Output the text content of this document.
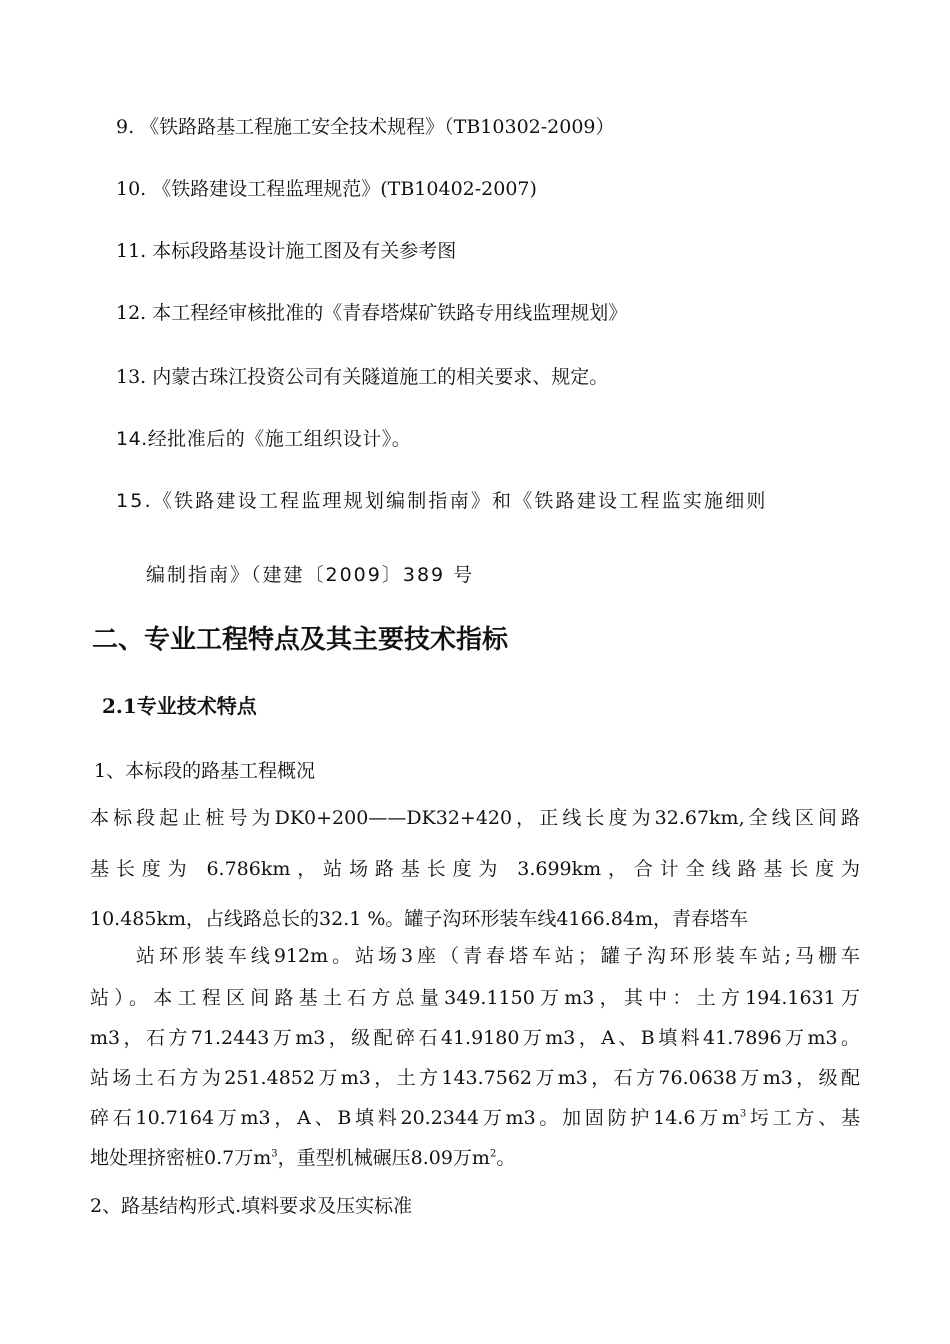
9. 《铁路路基工程施工安全技术规程》（TB10302-2009）
10. 《铁路建设工程监理规范》(TB10402-2007)
11. 本标段路基设计施工图及有关参考图
12. 本工程经审核批准的《青春塔煤矿铁路专用线监理规划》
13. 内蒙古珠江投资公司有关隧道施工的相关要求、规定。
14.经批准后的《施工组织设计》。
15.《铁路建设工程监理规划编制指南》和《铁路建设工程监实施细则
编制指南》（建建〔2009〕389 号
二、专业工程特点及其主要技术指标
2.1专业技术特点
1、本标段的路基工程概况
本标段起止桩号为DK0+200——DK32+420，正线长度为32.67km,全线区间路
基长度为 6.786km，站场路基长度为 3.699km，合计全线路基长度为
10.485km，占线路总长的32.1 %。罐子沟环形装车线4166.84m，青春塔车
站环形装车线912m。站场3座（青春塔车站；罐子沟环形装车站;马栅车
站）。本工程区间路基土石方总量349.1150万m3，其中：土方194.1631万
m3，石方71.2443万m3，级配碎石41.9180万m3，A、B填料41.7896万m3。
站场土石方为251.4852万m3，土方143.7562万m3，石方76.0638万m3，级配
碎石10.7164万m3，A、B填料20.2344万m3。加固防护14.6万$m^3$圬工方、基
地处理挤密桩0.7万$m^3$，重型机械碾压8.09万$m^2$。
2、路基结构形式.填料要求及压实标准
